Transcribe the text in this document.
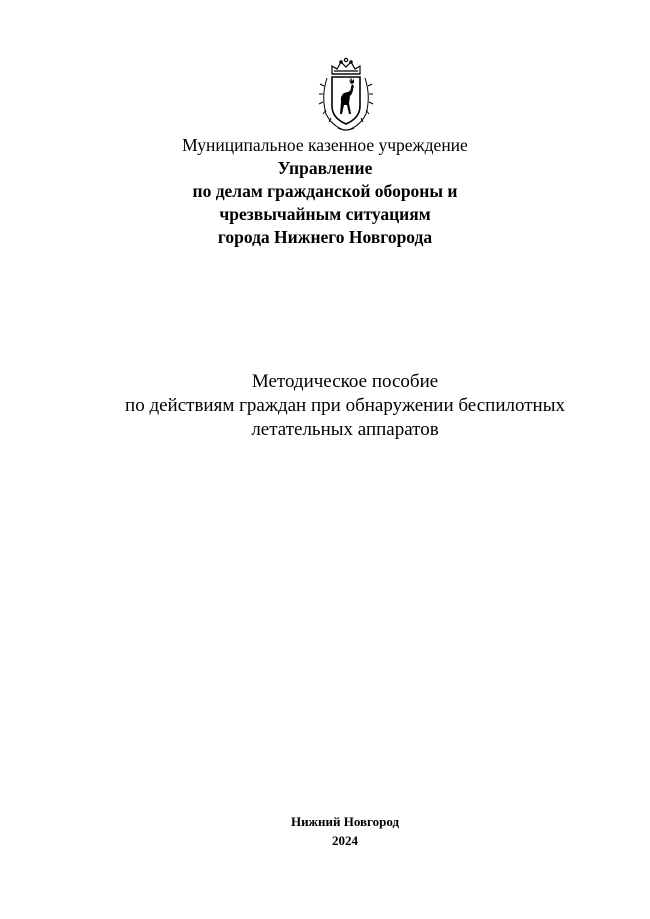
Муниципальное казенное учреждение
Управление
по делам гражданской обороны и
чрезвычайным ситуациям
города Нижнего Новгорода
Методическое пособие
по действиям граждан при обнаружении беспилотных
летательных аппаратов
Нижний Новгород
2024
